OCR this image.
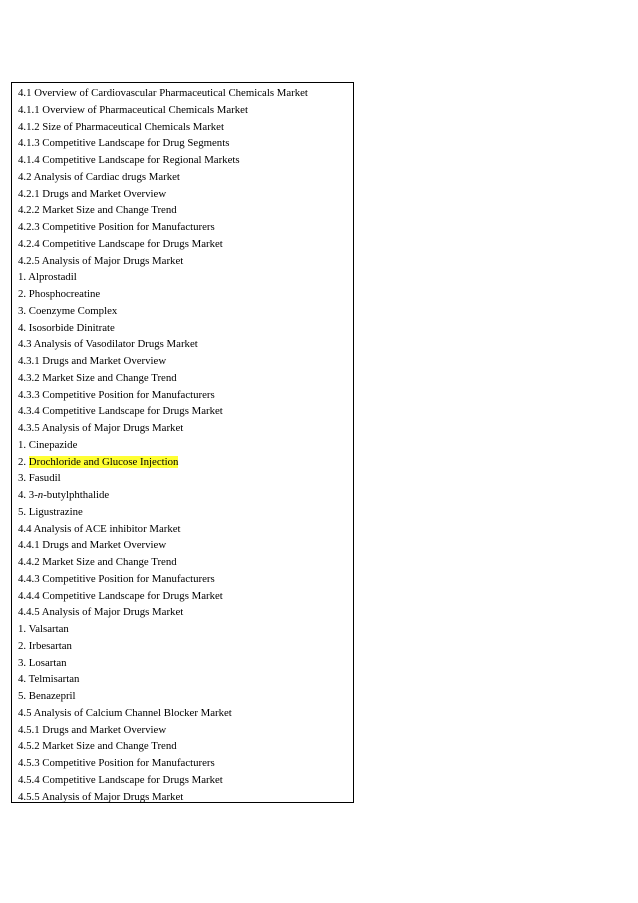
4.1 Overview of Cardiovascular Pharmaceutical Chemicals Market
4.1.1 Overview of Pharmaceutical Chemicals Market
4.1.2 Size of Pharmaceutical Chemicals Market
4.1.3 Competitive Landscape for Drug Segments
4.1.4 Competitive Landscape for Regional Markets
4.2 Analysis of Cardiac drugs Market
4.2.1 Drugs and Market Overview
4.2.2 Market Size and Change Trend
4.2.3 Competitive Position for Manufacturers
4.2.4 Competitive Landscape for Drugs Market
4.2.5 Analysis of Major Drugs Market
1. Alprostadil
2. Phosphocreatine
3. Coenzyme Complex
4. Isosorbide Dinitrate
4.3 Analysis of Vasodilator Drugs Market
4.3.1 Drugs and Market Overview
4.3.2 Market Size and Change Trend
4.3.3 Competitive Position for Manufacturers
4.3.4 Competitive Landscape for Drugs Market
4.3.5 Analysis of Major Drugs Market
1. Cinepazide
2. Drochloride and Glucose Injection
3. Fasudil
4. 3-n-butylphthalide
5. Ligustrazine
4.4 Analysis of ACE inhibitor Market
4.4.1 Drugs and Market Overview
4.4.2 Market Size and Change Trend
4.4.3 Competitive Position for Manufacturers
4.4.4 Competitive Landscape for Drugs Market
4.4.5 Analysis of Major Drugs Market
1. Valsartan
2. Irbesartan
3. Losartan
4. Telmisartan
5. Benazepril
4.5 Analysis of Calcium Channel Blocker Market
4.5.1 Drugs and Market Overview
4.5.2 Market Size and Change Trend
4.5.3 Competitive Position for Manufacturers
4.5.4 Competitive Landscape for Drugs Market
4.5.5 Analysis of Major Drugs Market
